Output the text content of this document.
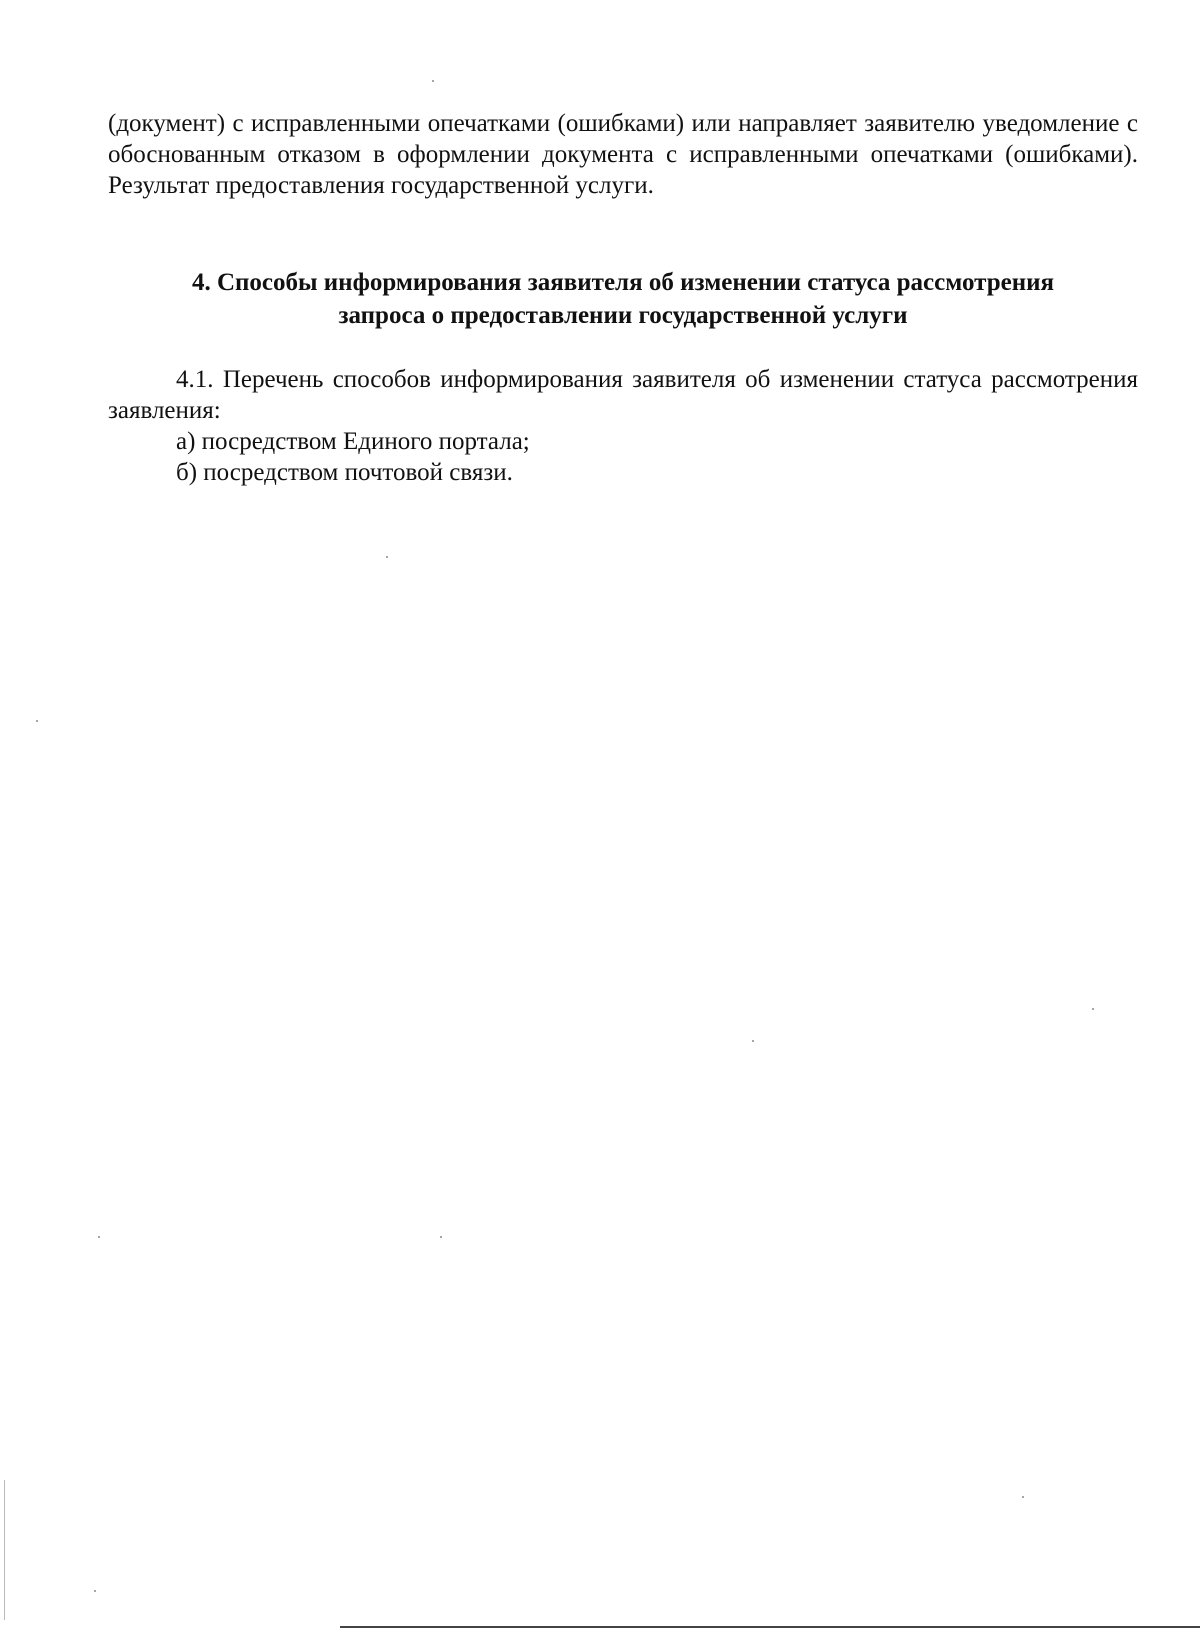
(документ) с исправленными опечатками (ошибками) или направляет заявителю уведомление с обоснованным отказом в оформлении документа с исправленными опечатками (ошибками). Результат предоставления государственной услуги.

4. Способы информирования заявителя об изменении статуса рассмотрения

запроса о предоставлении государственной услуги

4.1. Перечень способов информирования заявителя об изменении статуса рассмотрения заявления:

а) посредством Единого портала;

б) посредством почтовой связи.
